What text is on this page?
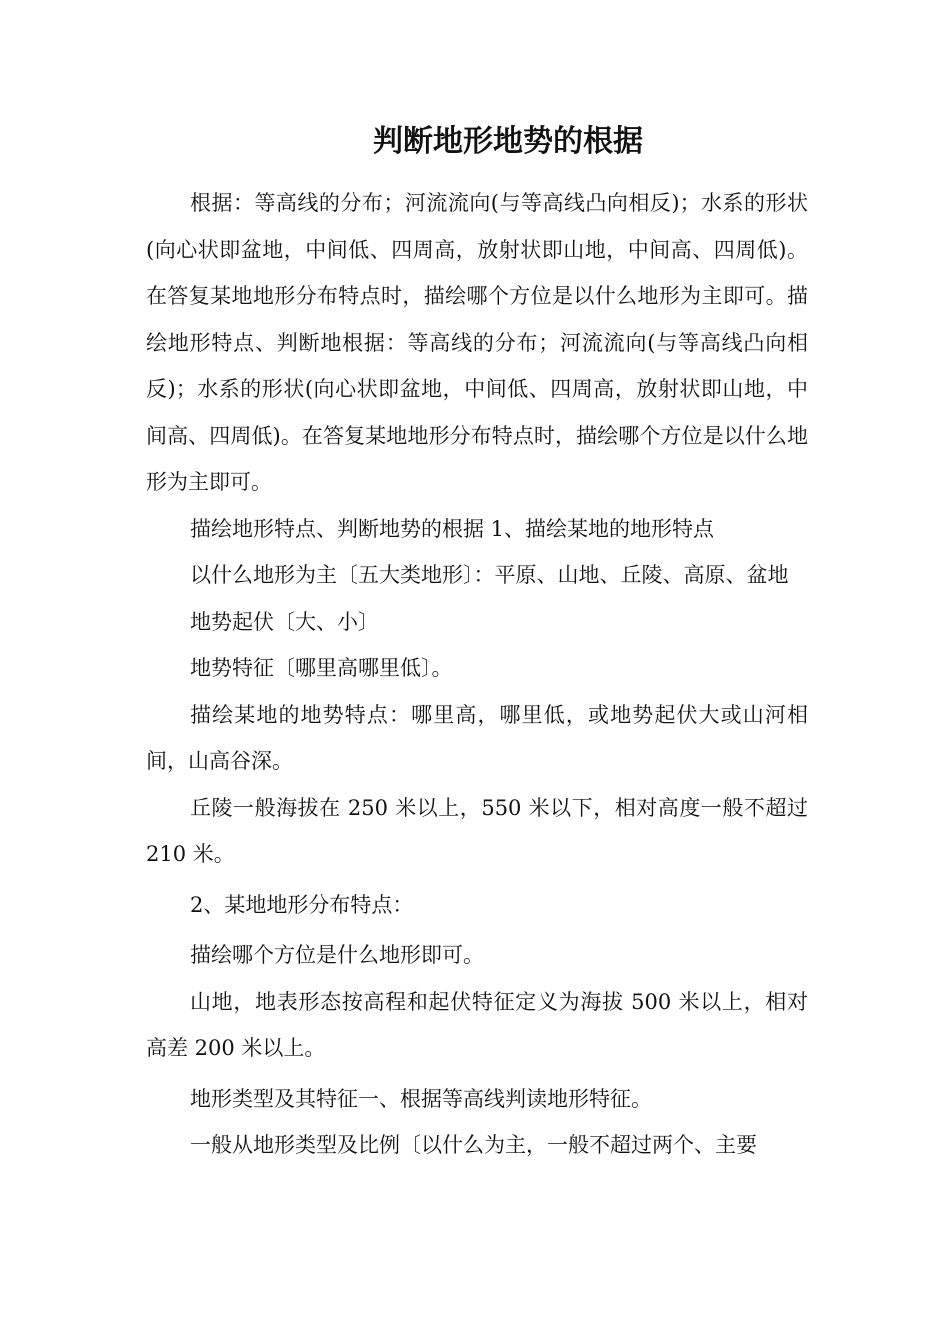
判断地形地势的根据

根据：等高线的分布；河流流向(与等高线凸向相反)；水系的形状(向心状即盆地，中间低、四周高，放射状即山地，中间高、四周低)。在答复某地地形分布特点时，描绘哪个方位是以什么地形为主即可。描绘地形特点、判断地根据：等高线的分布；河流流向(与等高线凸向相反)；水系的形状(向心状即盆地，中间低、四周高，放射状即山地，中间高、四周低)。在答复某地地形分布特点时，描绘哪个方位是以什么地形为主即可。

描绘地形特点、判断地势的根据 1、描绘某地的地形特点

以什么地形为主〔五大类地形〕：平原、山地、丘陵、高原、盆地

地势起伏〔大、小〕

地势特征〔哪里高哪里低〕。

描绘某地的地势特点：哪里高，哪里低，或地势起伏大或山河相间，山高谷深。

丘陵一般海拔在 250 米以上，550 米以下，相对高度一般不超过 210 米。

2、某地地形分布特点：

描绘哪个方位是什么地形即可。

山地，地表形态按高程和起伏特征定义为海拔 500 米以上，相对高差 200 米以上。

地形类型及其特征一、根据等高线判读地形特征。

一般从地形类型及比例〔以什么为主，一般不超过两个、主要
